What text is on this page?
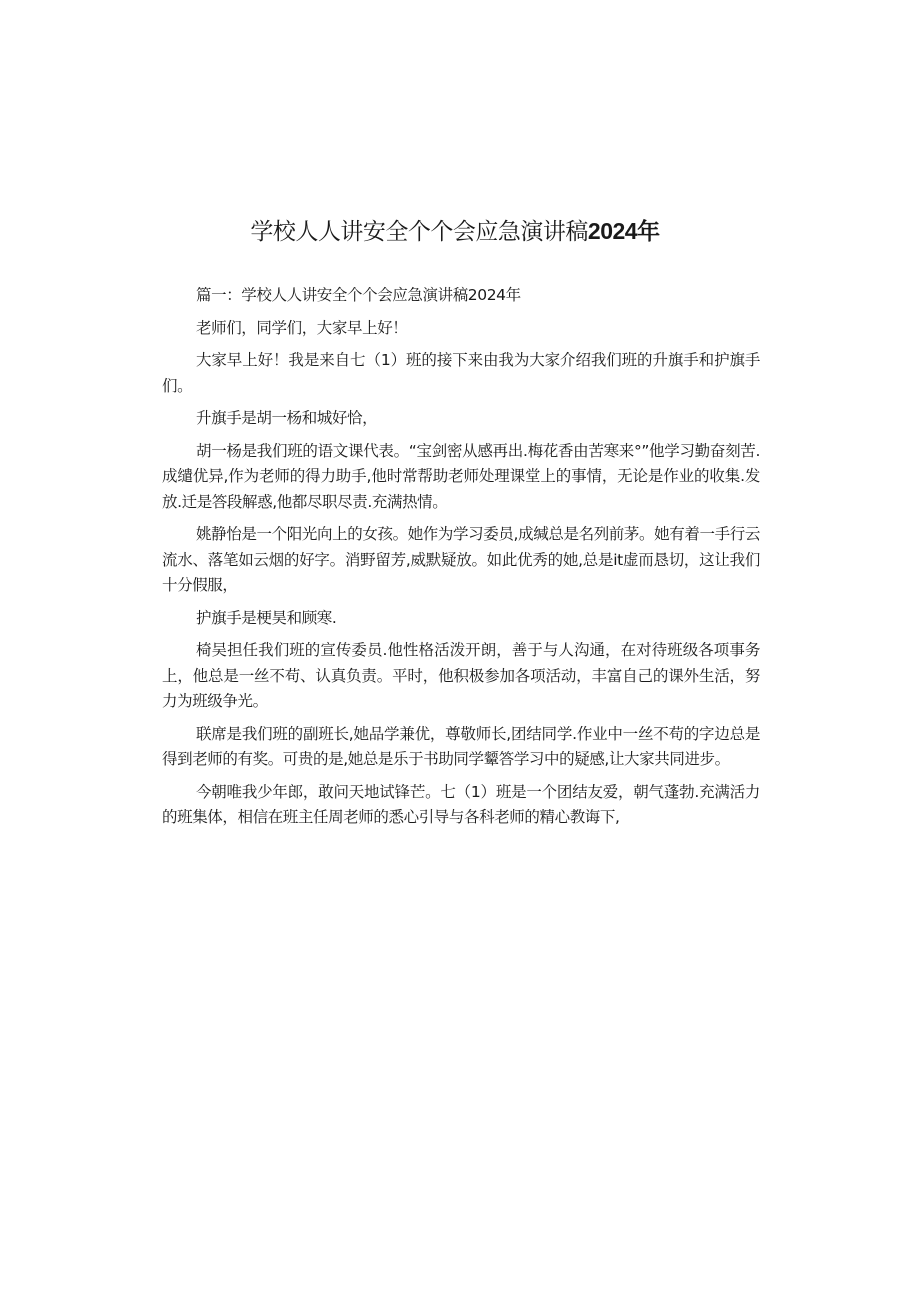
学校人人讲安全个个会应急演讲稿2024年

篇一：学校人人讲安全个个会应急演讲稿2024年

老师们，同学们，大家早上好！

大家早上好！我是来自七（1）班的接下来由我为大家介绍我们班的升旗手和护旗手们。

升旗手是胡一杨和城好恰，

胡一杨是我们班的语文课代表。“宝剑密从感再出.梅花香由苦寒来°”他学习勤奋刻苦.成缱优异,作为老师的得力助手,他时常帮助老师处理课堂上的事情，无论是作业的收集.发放.迁是答段解惑,他都尽职尽责.充满热情。

姚静怡是一个阳光向上的女孩。她作为学习委员,成缄总是名列前茅。她有着一手行云流水、落笔如云烟的好字。消野留芳,威默疑放。如此优秀的她,总是it虚而恳切，这让我们十分假服，

护旗手是梗昊和顾寒.

椅吴担任我们班的宣传委员.他性格活泼开朗，善于与人沟通，在对待班级各项事务上，他总是一丝不苟、认真负责。平时，他积极参加各项活动，丰富自己的课外生活，努力为班级争光。

联席是我们班的副班长,她品学兼优，尊敬师长,团结同学.作业中一丝不苟的字边总是得到老师的有奖。可贵的是,她总是乐于书助同学颦答学习中的疑感,让大家共同进步。

今朝唯我少年郎，敢问天地试锋芒。七（1）班是一个团结友爱，朝气蓬勃.充满活力的班集体，相信在班主任周老师的悉心引导与各科老师的精心教诲下,
